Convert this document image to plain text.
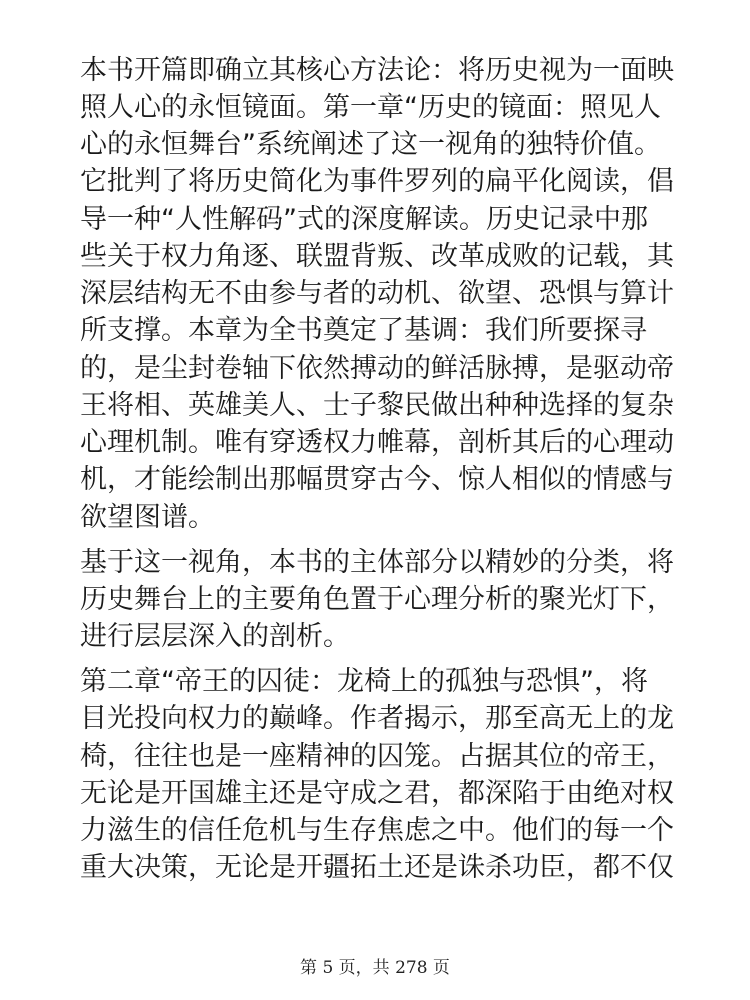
本书开篇即确立其核心方法论：将历史视为一面映

照人心的永恒镜面。第一章“历史的镜面：照见人

心的永恒舞台”系统阐述了这一视角的独特价值。

它批判了将历史简化为事件罗列的扁平化阅读，倡

导一种“人性解码”式的深度解读。历史记录中那

些关于权力角逐、联盟背叛、改革成败的记载，其

深层结构无不由参与者的动机、欲望、恐惧与算计

所支撑。本章为全书奠定了基调：我们所要探寻

的，是尘封卷轴下依然搏动的鲜活脉搏，是驱动帝

王将相、英雄美人、士子黎民做出种种选择的复杂

心理机制。唯有穿透权力帷幕，剖析其后的心理动

机，才能绘制出那幅贯穿古今、惊人相似的情感与

欲望图谱。

基于这一视角，本书的主体部分以精妙的分类，将

历史舞台上的主要角色置于心理分析的聚光灯下，

进行层层深入的剖析。

第二章“帝王的囚徒：龙椅上的孤独与恐惧”，将

目光投向权力的巅峰。作者揭示，那至高无上的龙

椅，往往也是一座精神的囚笼。占据其位的帝王，

无论是开国雄主还是守成之君，都深陷于由绝对权

力滋生的信任危机与生存焦虑之中。他们的每一个

重大决策，无论是开疆拓土还是诛杀功臣，都不仅

第 5 页，共 278 页
